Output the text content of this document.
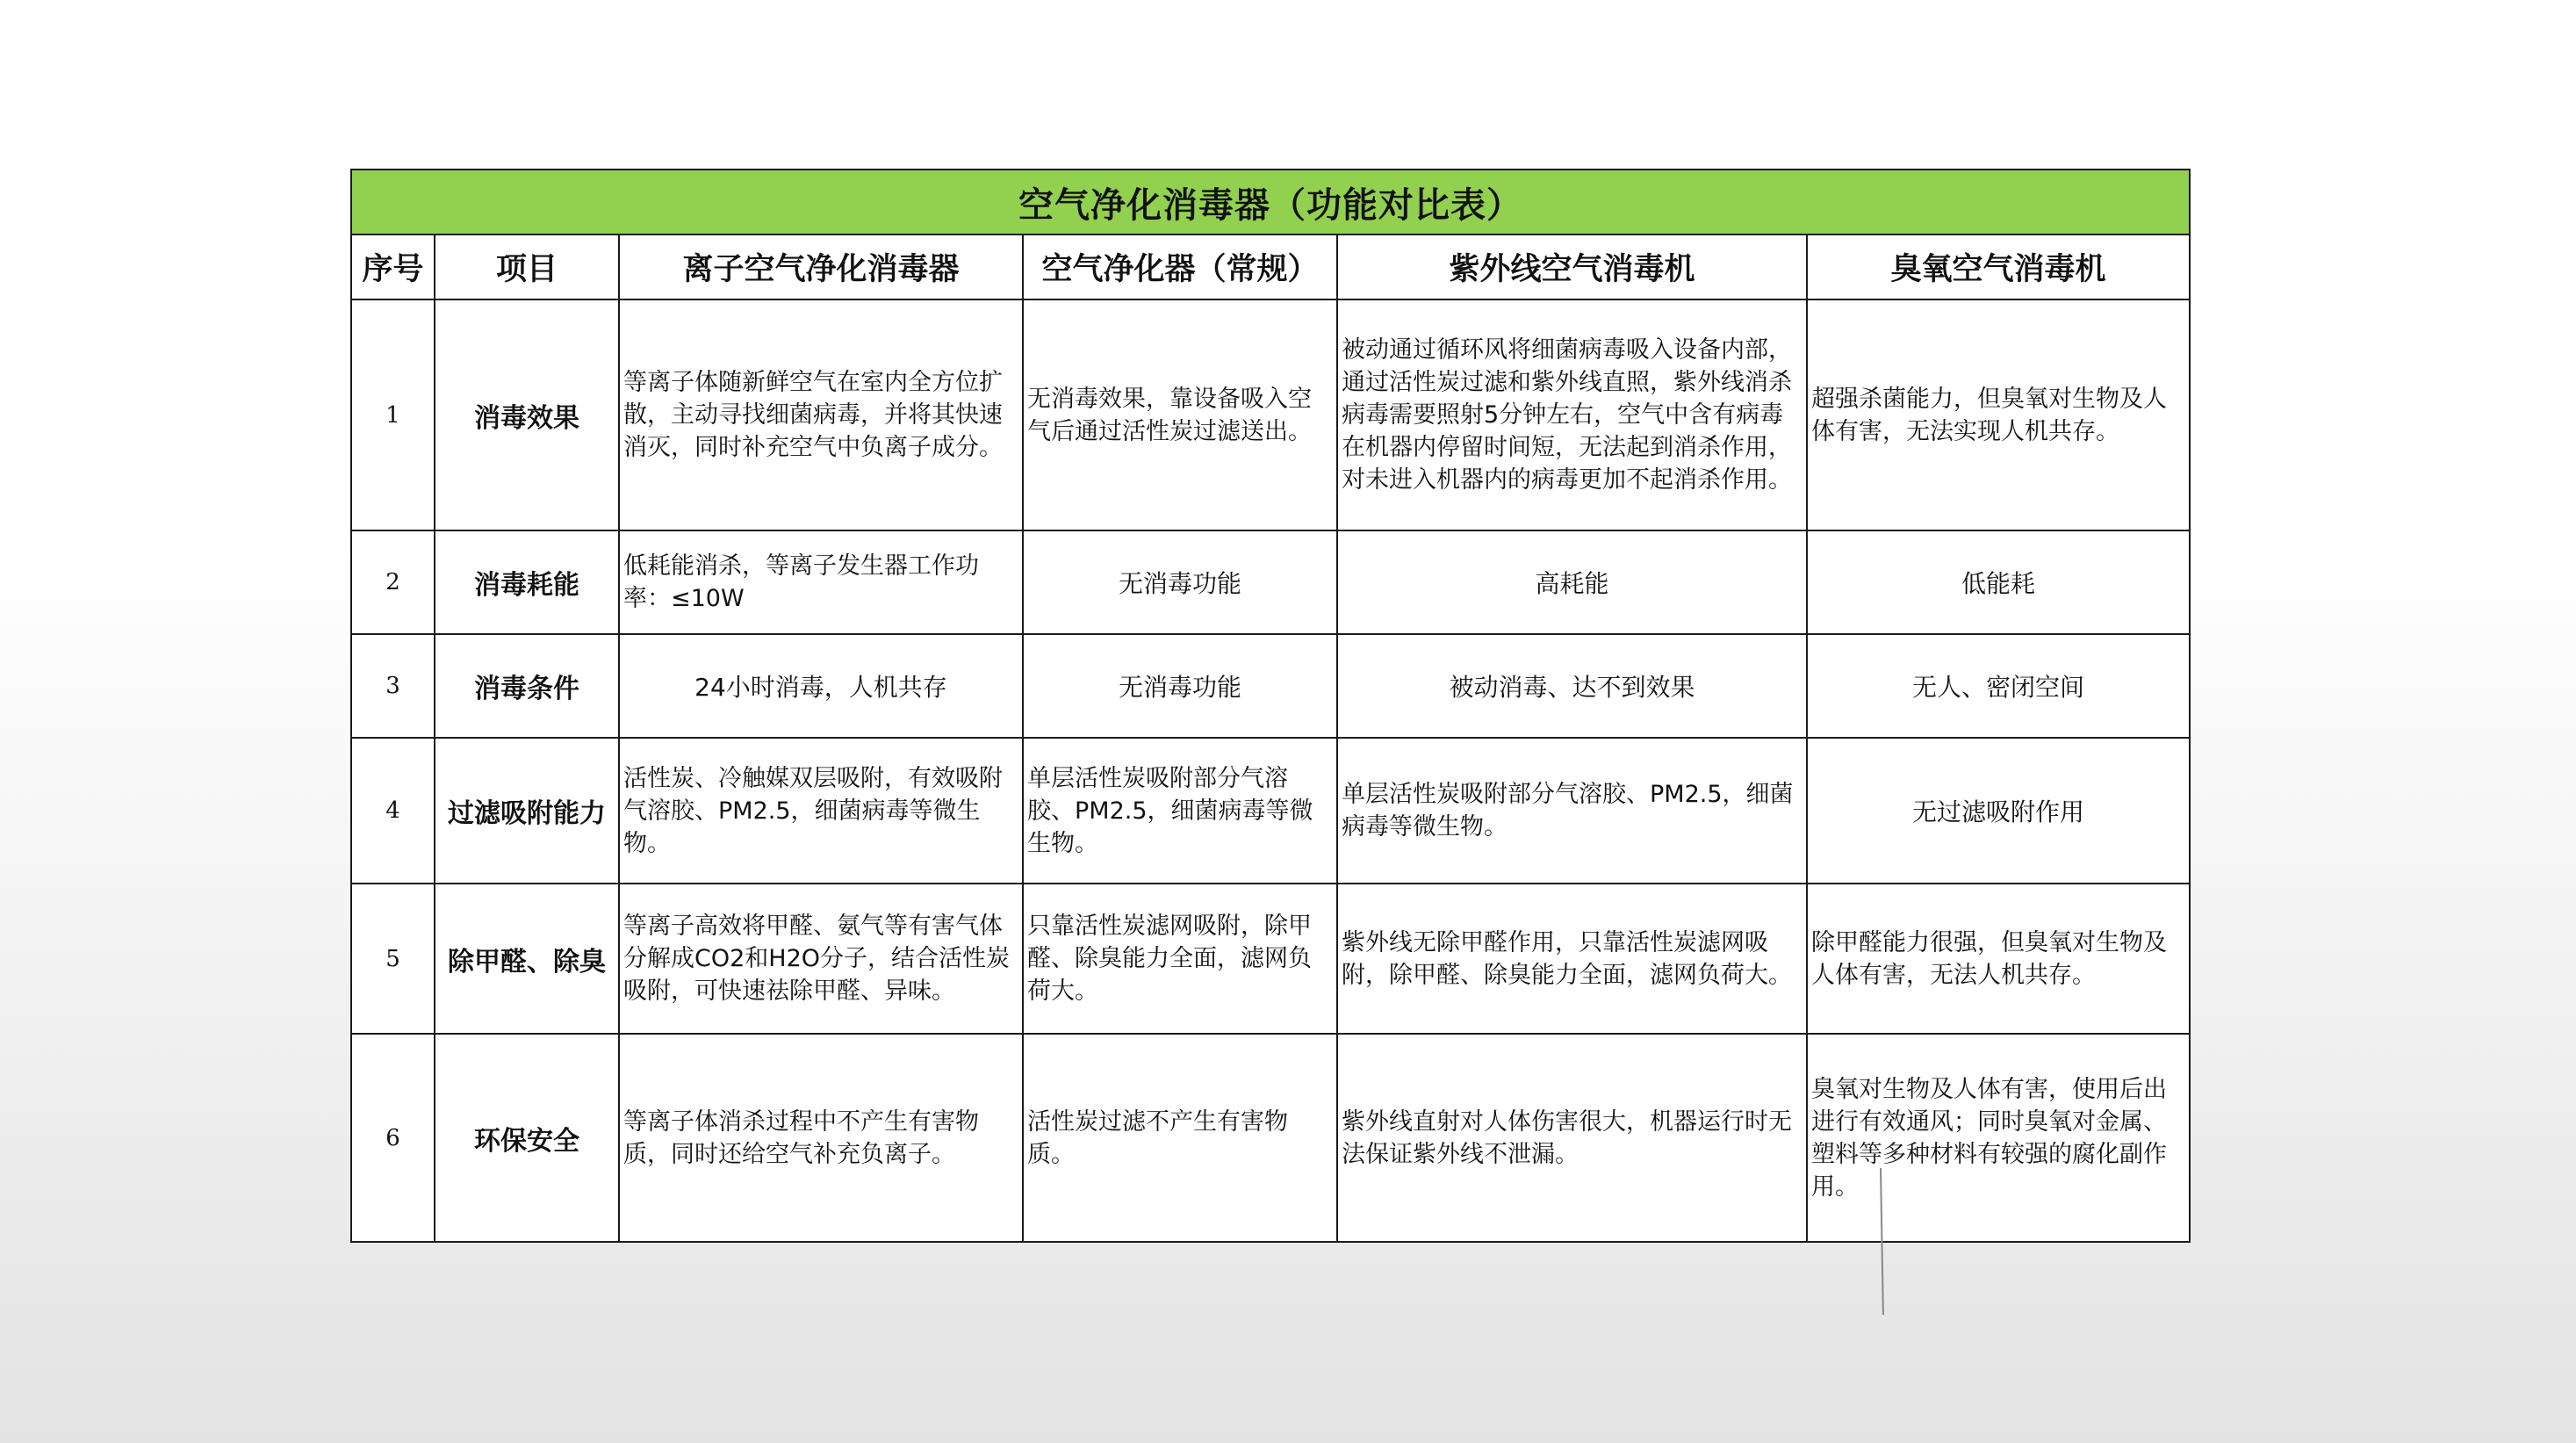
空气净化消毒器（功能对比表）					
序号	项目	离子空气净化消毒器	空气净化器（常规）	紫外线空气消毒机	臭氧空气消毒机
1	消毒效果	等离子体随新鲜空气在室内全方位扩散，主动寻找细菌病毒，并将其快速消灭，同时补充空气中负离子成分。	无消毒效果，靠设备吸入空气后通过活性炭过滤送出。	被动通过循环风将细菌病毒吸入设备内部，通过活性炭过滤和紫外线直照，紫外线消杀病毒需要照射5分钟左右，空气中含有病毒在机器内停留时间短，无法起到消杀作用，对未进入机器内的病毒更加不起消杀作用。	超强杀菌能力，但臭氧对生物及人体有害，无法实现人机共存。
2	消毒耗能	低耗能消杀，等离子发生器工作功率：≤10W	无消毒功能	高耗能	低能耗
3	消毒条件	24小时消毒，人机共存	无消毒功能	被动消毒、达不到效果	无人、密闭空间
4	过滤吸附能力	活性炭、冷触媒双层吸附，有效吸附气溶胶、PM2.5，细菌病毒等微生物。	单层活性炭吸附部分气溶胶、PM2.5，细菌病毒等微生物。	单层活性炭吸附部分气溶胶、PM2.5，细菌病毒等微生物。	无过滤吸附作用
5	除甲醛、除臭	等离子高效将甲醛、氨气等有害气体分解成CO2和H2O分子，结合活性炭吸附，可快速祛除甲醛、异味。	只靠活性炭滤网吸附，除甲醛、除臭能力全面，滤网负荷大。	紫外线无除甲醛作用，只靠活性炭滤网吸附，除甲醛、除臭能力全面，滤网负荷大。	除甲醛能力很强，但臭氧对生物及人体有害，无法人机共存。
6	环保安全	等离子体消杀过程中不产生有害物质，同时还给空气补充负离子。	活性炭过滤不产生有害物质。	紫外线直射对人体伤害很大，机器运行时无法保证紫外线不泄漏。	臭氧对生物及人体有害，使用后出进行有效通风；同时臭氧对金属、塑料等多种材料有较强的腐化副作用。
